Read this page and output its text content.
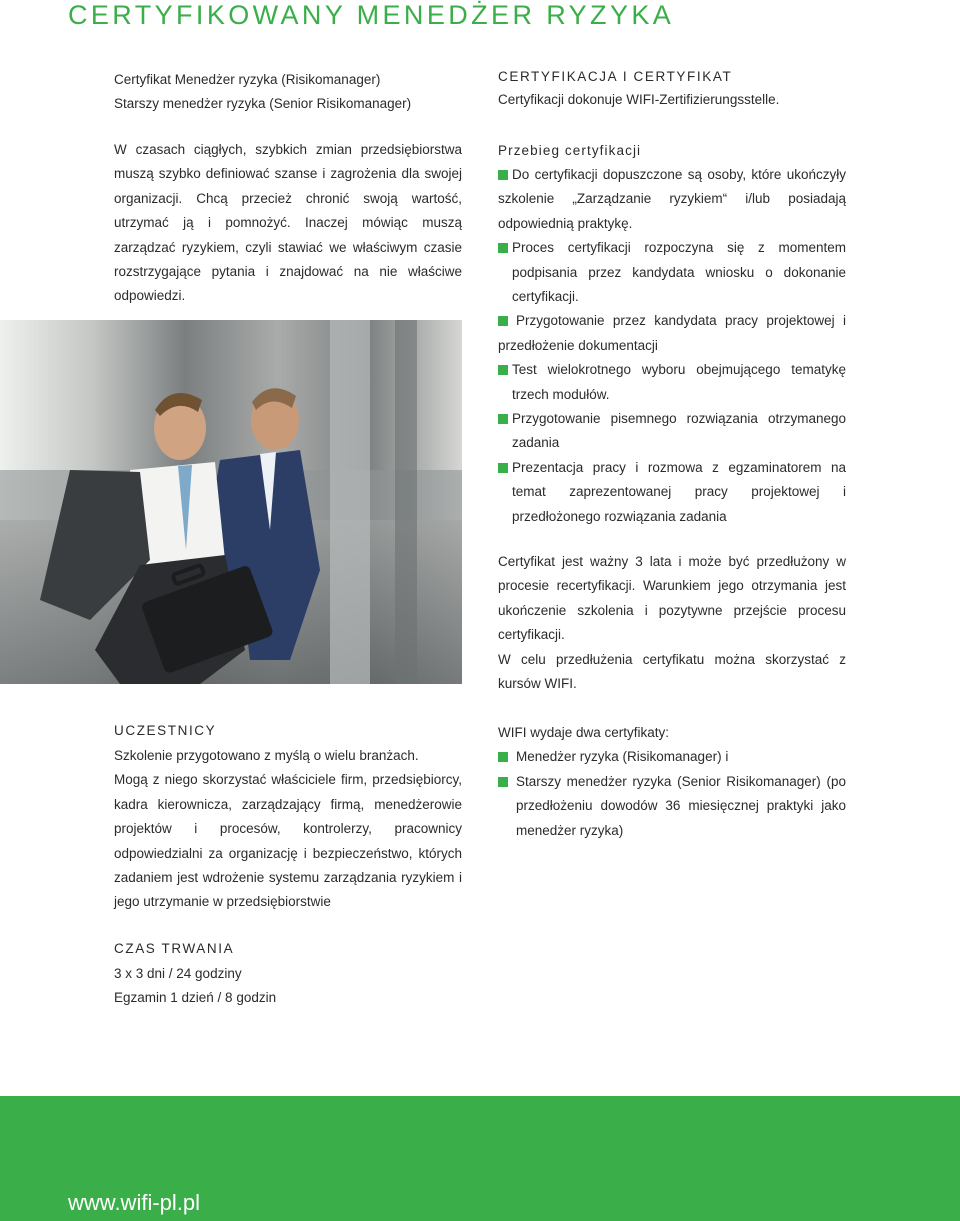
CERTYFIKOWANY MENEDŻER RYZYKA

Certyfikat Menedżer ryzyka (Risikomanager)

Starszy menedżer ryzyka (Senior Risikomanager)

W czasach ciągłych, szybkich zmian przedsiębiorstwa muszą szybko definiować szanse i zagrożenia dla swojej organizacji. Chcą przecież chronić swoją wartość, utrzymać ją i pomnożyć. Inaczej mówiąc muszą zarządzać ryzykiem, czyli stawiać we właściwym czasie rozstrzygające pytania i znajdować na nie właściwe odpowiedzi.

UCZESTNICY

Szkolenie przygotowano z myślą o wielu branżach.

Mogą z niego skorzystać właściciele firm, przedsiębiorcy, kadra kierownicza, zarządzający firmą, menedżerowie projektów i procesów, kontrolerzy, pracownicy odpowiedzialni za organizację i bezpieczeństwo, których zadaniem jest wdrożenie systemu zarządzania ryzykiem i jego utrzymanie w przedsiębiorstwie

CZAS TRWANIA

3 x 3 dni / 24 godziny

Egzamin 1 dzień / 8 godzin

CERTYFIKACJA I CERTYFIKAT

Certyfikacji dokonuje WIFI-Zertifizierungsstelle.

Przebieg certyfikacji
Do certyfikacji dopuszczone są osoby, które ukończyły szkolenie „Zarządzanie ryzykiem“ i/lub posiadają odpowiednią praktykę.
Proces certyfikacji rozpoczyna się z momentem podpisania przez kandydata wniosku o dokonanie certyfikacji.
Przygotowanie przez kandydata pracy projektowej i przedłożenie dokumentacji
Test wielokrotnego wyboru obejmującego tematykę trzech modułów.
Przygotowanie pisemnego rozwiązania otrzymanego zadania
Prezentacja pracy i rozmowa z egzaminatorem na temat zaprezentowanej pracy projektowej i przedłożonego rozwiązania zadania

Certyfikat jest ważny 3 lata i może być przedłużony w procesie recertyfikacji. Warunkiem jego otrzymania jest ukończenie szkolenia i pozytywne przejście procesu certyfikacji.

W celu przedłużenia certyfikatu można skorzystać z kursów WIFI.

WIFI wydaje dwa certyfikaty:

Menedżer ryzyka (Risikomanager) i
Starszy menedżer ryzyka (Senior Risikomanager) (po przedłożeniu dowodów 36 miesięcznej praktyki jako menedżer ryzyka)
www.wifi-pl.pl
